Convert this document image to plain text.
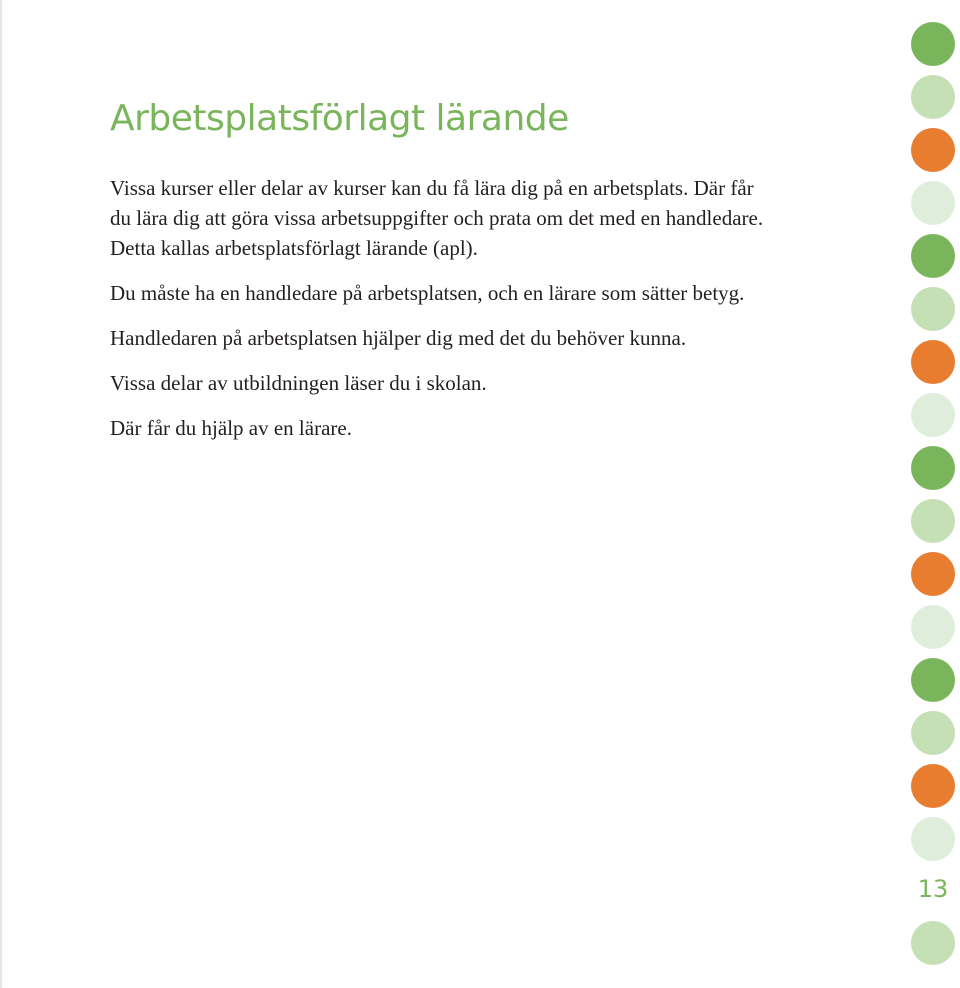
Arbetsplatsförlagt lärande

Vissa kurser eller delar av kurser kan du få lära dig på en arbetsplats. Där får du lära dig att göra vissa arbetsuppgifter och prata om det med en handledare. Detta kallas arbetsplatsförlagt lärande (apl).

Du måste ha en handledare på arbetsplatsen, och en lärare som sätter betyg.

Handledaren på arbetsplatsen hjälper dig med det du behöver kunna.

Vissa delar av utbildningen läser du i skolan.

Där får du hjälp av en lärare.

13
